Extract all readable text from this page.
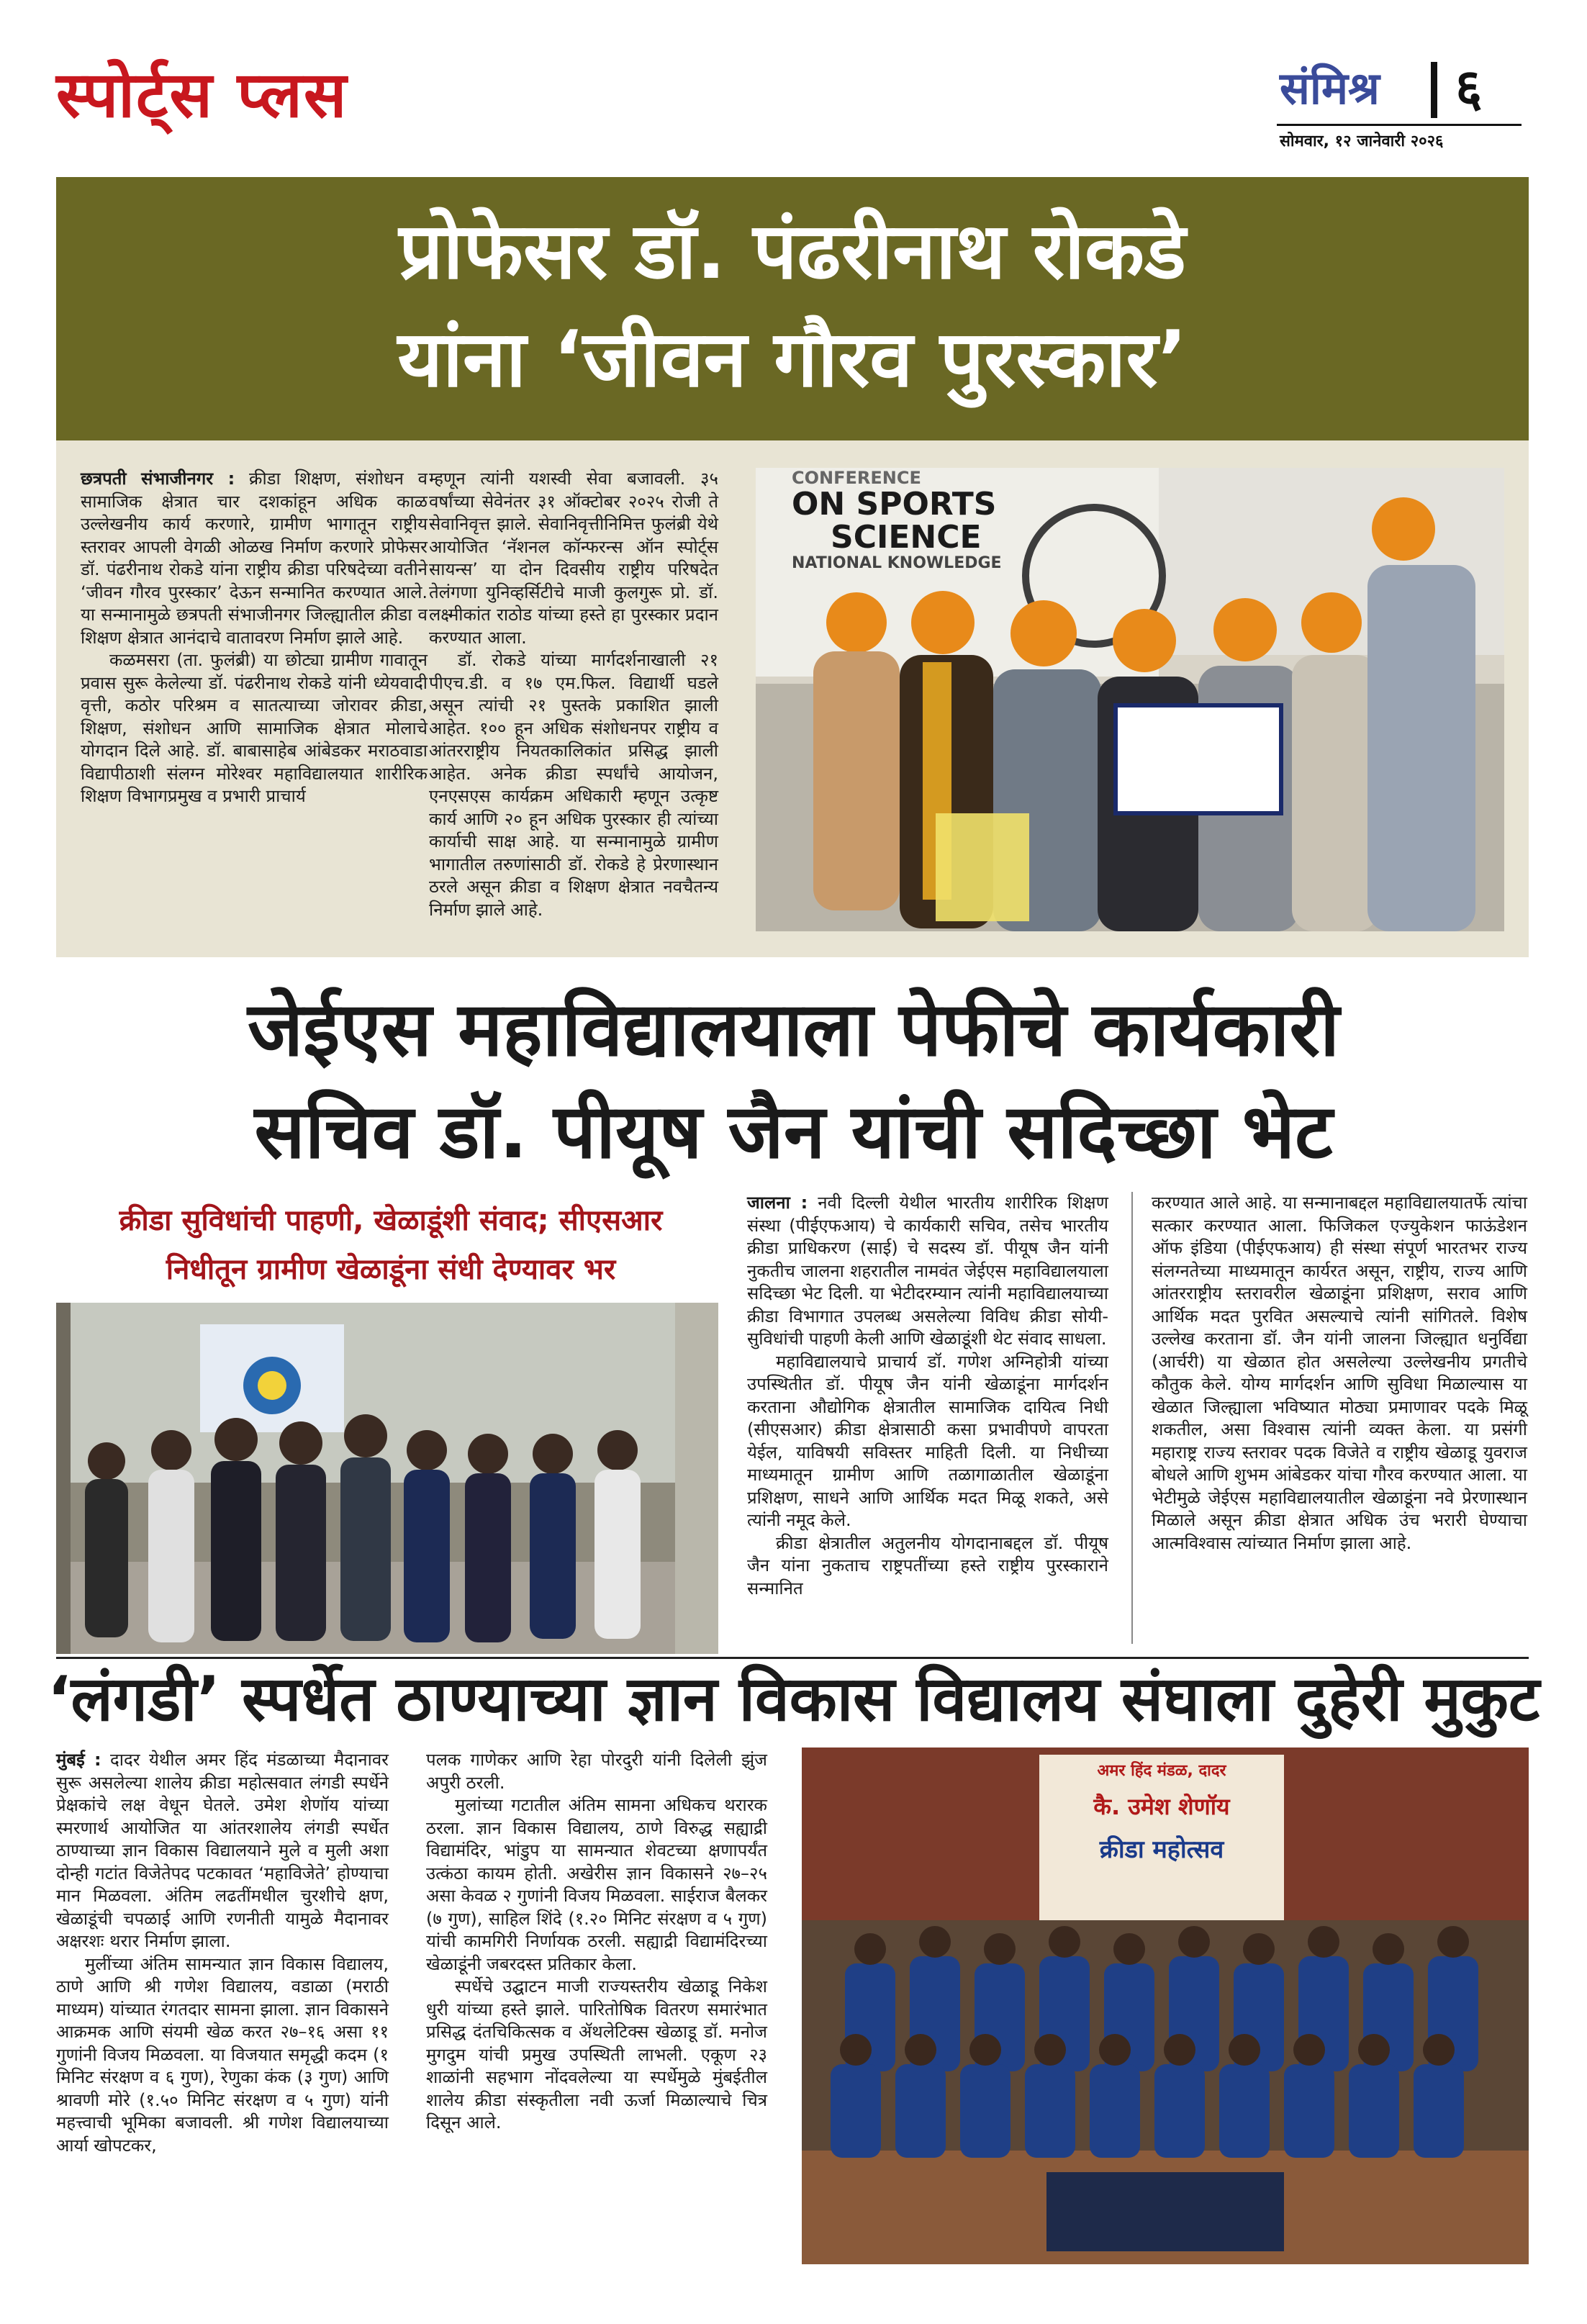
स्पोर्ट्स प्लस	संमिश्र ६
सोमवार, १२ जानेवारी २०२६
प्रोफेसर डॉ. पंढरीनाथ रोकडे
यांना ‘जीवन गौरव पुरस्कार’

छत्रपती संभाजीनगर : क्रीडा शिक्षण, संशोधन व सामाजिक क्षेत्रात चार दशकांहून अधिक काळ उल्लेखनीय कार्य करणारे, ग्रामीण भागातून राष्ट्रीय स्तरावर आपली वेगळी ओळख निर्माण करणारे प्रोफेसर डॉ. पंढरीनाथ रोकडे यांना राष्ट्रीय क्रीडा परिषदेच्या वतीने ‘जीवन गौरव पुरस्कार’ देऊन सन्मानित करण्यात आले. या सन्मानामुळे छत्रपती संभाजीनगर जिल्ह्यातील क्रीडा व शिक्षण क्षेत्रात आनंदाचे वातावरण निर्माण झाले आहे.

कळमसरा (ता. फुलंब्री) या छोट्या ग्रामीण गावातून प्रवास सुरू केलेल्या डॉ. पंढरीनाथ रोकडे यांनी ध्येयवादी वृत्ती, कठोर परिश्रम व सातत्याच्या जोरावर क्रीडा, शिक्षण, संशोधन आणि सामाजिक क्षेत्रात मोलाचे योगदान दिले आहे. डॉ. बाबासाहेब आंबेडकर मराठवाडा विद्यापीठाशी संलग्न मोरेश्वर महाविद्यालयात शारीरिक शिक्षण विभागप्रमुख व प्रभारी प्राचार्य

म्हणून त्यांनी यशस्वी सेवा बजावली. ३५ वर्षांच्या सेवेनंतर ३१ ऑक्टोबर २०२५ रोजी ते सेवानिवृत्त झाले. सेवानिवृत्तीनिमित्त फुलंब्री येथे आयोजित ‘नॅशनल कॉन्फरन्स ऑन स्पोर्ट्स सायन्स’ या दोन दिवसीय राष्ट्रीय परिषदेत तेलंगणा युनिव्हर्सिटीचे माजी कुलगुरू प्रो. डॉ. लक्ष्मीकांत राठोड यांच्या हस्ते हा पुरस्कार प्रदान करण्यात आला.

डॉ. रोकडे यांच्या मार्गदर्शनाखाली २१ पीएच.डी. व १७ एम.फिल. विद्यार्थी घडले असून त्यांची २१ पुस्तके प्रकाशित झाली आहेत. १०० हून अधिक संशोधनपर राष्ट्रीय व आंतरराष्ट्रीय नियतकालिकांत प्रसिद्ध झाली आहेत. अनेक क्रीडा स्पर्धांचे आयोजन, एनएसएस कार्यक्रम अधिकारी म्हणून उत्कृष्ट कार्य आणि २० हून अधिक पुरस्कार ही त्यांच्या कार्याची साक्ष आहे. या सन्मानामुळे ग्रामीण भागातील तरुणांसाठी डॉ. रोकडे हे प्रेरणास्थान ठरले असून क्रीडा व शिक्षण क्षेत्रात नवचैतन्य निर्माण झाले आहे.

CONFERENCE
ON SPORTS
SCIENCE
NATIONAL KNOWLEDGE
जेईएस महाविद्यालयाला पेफीचे कार्यकारी
सचिव डॉ. पीयूष जैन यांची सदिच्छा भेट
क्रीडा सुविधांची पाहणी, खेळाडूंशी संवाद; सीएसआर
निधीतून ग्रामीण खेळाडूंना संधी देण्यावर भर

जालना : नवी दिल्ली येथील भारतीय शारीरिक शिक्षण संस्था (पीईएफआय) चे कार्यकारी सचिव, तसेच भारतीय क्रीडा प्राधिकरण (साई) चे सदस्य डॉ. पीयूष जैन यांनी नुकतीच जालना शहरातील नामवंत जेईएस महाविद्यालयाला सदिच्छा भेट दिली. या भेटीदरम्यान त्यांनी महाविद्यालयाच्या क्रीडा विभागात उपलब्ध असलेल्या विविध क्रीडा सोयी-सुविधांची पाहणी केली आणि खेळाडूंशी थेट संवाद साधला.

महाविद्यालयाचे प्राचार्य डॉ. गणेश अग्निहोत्री यांच्या उपस्थितीत डॉ. पीयूष जैन यांनी खेळाडूंना मार्गदर्शन करताना औद्योगिक क्षेत्रातील सामाजिक दायित्व निधी (सीएसआर) क्रीडा क्षेत्रासाठी कसा प्रभावीपणे वापरता येईल, याविषयी सविस्तर माहिती दिली. या निधीच्या माध्यमातून ग्रामीण आणि तळागाळातील खेळाडूंना प्रशिक्षण, साधने आणि आर्थिक मदत मिळू शकते, असे त्यांनी नमूद केले.

क्रीडा क्षेत्रातील अतुलनीय योगदानाबद्दल डॉ. पीयूष जैन यांना नुकताच राष्ट्रपतींच्या हस्ते राष्ट्रीय पुरस्काराने सन्मानित

करण्यात आले आहे. या सन्मानाबद्दल महाविद्यालयातर्फे त्यांचा सत्कार करण्यात आला. फिजिकल एज्युकेशन फाऊंडेशन ऑफ इंडिया (पीईएफआय) ही संस्था संपूर्ण भारतभर राज्य संलग्नतेच्या माध्यमातून कार्यरत असून, राष्ट्रीय, राज्य आणि आंतरराष्ट्रीय स्तरावरील खेळाडूंना प्रशिक्षण, सराव आणि आर्थिक मदत पुरवित असल्याचे त्यांनी सांगितले. विशेष उल्लेख करताना डॉ. जैन यांनी जालना जिल्ह्यात धनुर्विद्या (आर्चरी) या खेळात होत असलेल्या उल्लेखनीय प्रगतीचे कौतुक केले. योग्य मार्गदर्शन आणि सुविधा मिळाल्यास या खेळात जिल्ह्याला भविष्यात मोठ्या प्रमाणावर पदके मिळू शकतील, असा विश्वास त्यांनी व्यक्त केला. या प्रसंगी महाराष्ट्र राज्य स्तरावर पदक विजेते व राष्ट्रीय खेळाडू युवराज बोधले आणि शुभम आंबेडकर यांचा गौरव करण्यात आला. या भेटीमुळे जेईएस महाविद्यालयातील खेळाडूंना नवे प्रेरणास्थान मिळाले असून क्रीडा क्षेत्रात अधिक उंच भरारी घेण्याचा आत्मविश्वास त्यांच्यात निर्माण झाला आहे.

‘लंगडी’ स्पर्धेत ठाण्याच्या ज्ञान विकास विद्यालय संघाला दुहेरी मुकुट

मुंबई : दादर येथील अमर हिंद मंडळाच्या मैदानावर सुरू असलेल्या शालेय क्रीडा महोत्सवात लंगडी स्पर्धेने प्रेक्षकांचे लक्ष वेधून घेतले. उमेश शेणॉय यांच्या स्मरणार्थ आयोजित या आंतरशालेय लंगडी स्पर्धेत ठाण्याच्या ज्ञान विकास विद्यालयाने मुले व मुली अशा दोन्ही गटांत विजेतेपद पटकावत ‘महाविजेते’ होण्याचा मान मिळवला. अंतिम लढतींमधील चुरशीचे क्षण, खेळाडूंची चपळाई आणि रणनीती यामुळे मैदानावर अक्षरशः थरार निर्माण झाला.

मुलींच्या अंतिम सामन्यात ज्ञान विकास विद्यालय, ठाणे आणि श्री गणेश विद्यालय, वडाळा (मराठी माध्यम) यांच्यात रंगतदार सामना झाला. ज्ञान विकासने आक्रमक आणि संयमी खेळ करत २७–१६ असा ११ गुणांनी विजय मिळवला. या विजयात समृद्धी कदम (१ मिनिट संरक्षण व ६ गुण), रेणुका कंक (३ गुण) आणि श्रावणी मोरे (१.५० मिनिट संरक्षण व ५ गुण) यांनी महत्त्वाची भूमिका बजावली. श्री गणेश विद्यालयाच्या आर्या खोपटकर,

पलक गाणेकर आणि रेहा पोरदुरी यांनी दिलेली झुंज अपुरी ठरली.

मुलांच्या गटातील अंतिम सामना अधिकच थरारक ठरला. ज्ञान विकास विद्यालय, ठाणे विरुद्ध सह्याद्री विद्यामंदिर, भांडुप या सामन्यात शेवटच्या क्षणापर्यंत उत्कंठा कायम होती. अखेरीस ज्ञान विकासने २७–२५ असा केवळ २ गुणांनी विजय मिळवला. साईराज बैलकर (७ गुण), साहिल शिंदे (१.२० मिनिट संरक्षण व ५ गुण) यांची कामगिरी निर्णायक ठरली. सह्याद्री विद्यामंदिरच्या खेळाडूंनी जबरदस्त प्रतिकार केला.

स्पर्धेचे उद्घाटन माजी राज्यस्तरीय खेळाडू निकेश धुरी यांच्या हस्ते झाले. पारितोषिक वितरण समारंभात प्रसिद्ध दंतचिकित्सक व ॲथलेटिक्स खेळाडू डॉ. मनोज मुगदुम यांची प्रमुख उपस्थिती लाभली. एकूण २३ शाळांनी सहभाग नोंदवलेल्या या स्पर्धेमुळे मुंबईतील शालेय क्रीडा संस्कृतीला नवी ऊर्जा मिळाल्याचे चित्र दिसून आले.

अमर हिंद मंडळ, दादर
कै. उमेश शेणॉय
क्रीडा महोत्सव
